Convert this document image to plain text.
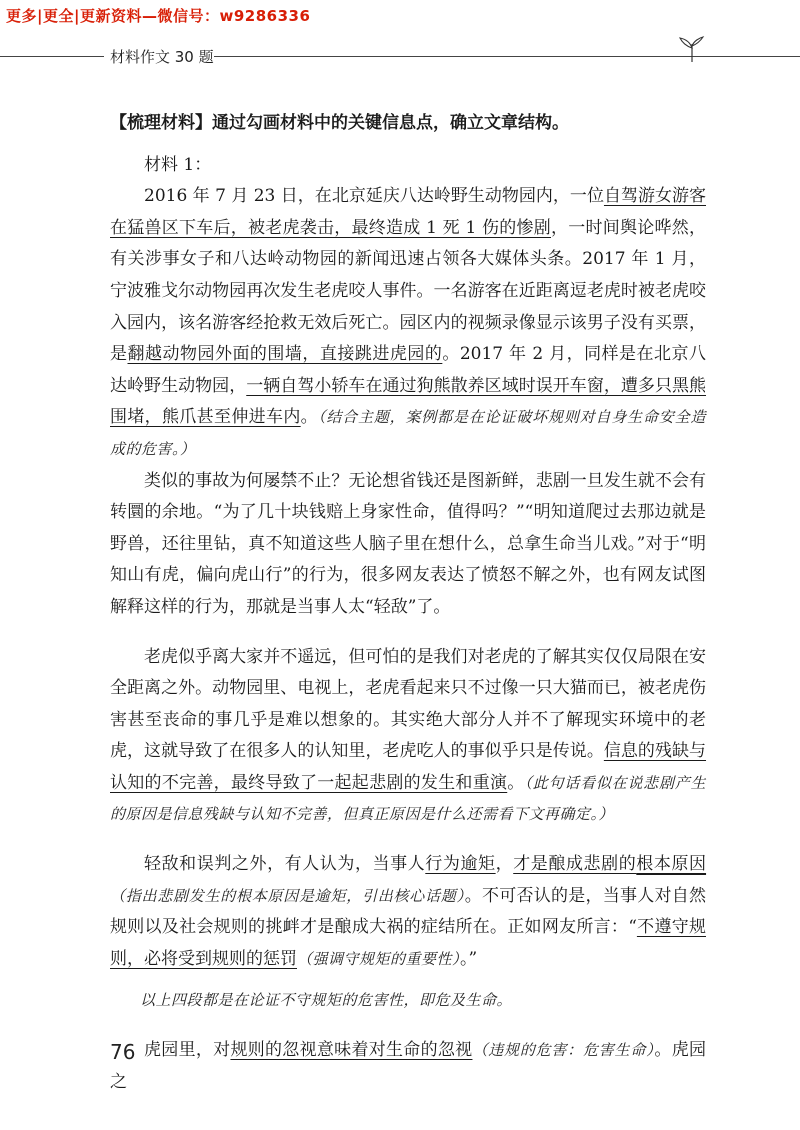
更多|更全|更新资料—微信号：w9286336
材料作文 30 题

【梳理材料】通过勾画材料中的关键信息点，确立文章结构。

材料 1：

2016 年 7 月 23 日，在北京延庆八达岭野生动物园内，一位自驾游女游客在猛兽区下车后，被老虎袭击，最终造成 1 死 1 伤的惨剧，一时间舆论哗然，有关涉事女子和八达岭动物园的新闻迅速占领各大媒体头条。2017 年 1 月，宁波雅戈尔动物园再次发生老虎咬人事件。一名游客在近距离逗老虎时被老虎咬入园内，该名游客经抢救无效后死亡。园区内的视频录像显示该男子没有买票，是翻越动物园外面的围墙，直接跳进虎园的。2017 年 2 月，同样是在北京八达岭野生动物园，一辆自驾小轿车在通过狗熊散养区域时误开车窗，遭多只黑熊围堵，熊爪甚至伸进车内。（结合主题，案例都是在论证破坏规则对自身生命安全造成的危害。）

类似的事故为何屡禁不止？无论想省钱还是图新鲜，悲剧一旦发生就不会有转圜的余地。“为了几十块钱赔上身家性命，值得吗？”“明知道爬过去那边就是野兽，还往里钻，真不知道这些人脑子里在想什么，总拿生命当儿戏。”对于“明知山有虎，偏向虎山行”的行为，很多网友表达了愤怒不解之外，也有网友试图解释这样的行为，那就是当事人太“轻敌”了。

老虎似乎离大家并不遥远，但可怕的是我们对老虎的了解其实仅仅局限在安全距离之外。动物园里、电视上，老虎看起来只不过像一只大猫而已，被老虎伤害甚至丧命的事几乎是难以想象的。其实绝大部分人并不了解现实环境中的老虎，这就导致了在很多人的认知里，老虎吃人的事似乎只是传说。信息的残缺与认知的不完善，最终导致了一起起悲剧的发生和重演。（此句话看似在说悲剧产生的原因是信息残缺与认知不完善，但真正原因是什么还需看下文再确定。）

轻敌和误判之外，有人认为，当事人行为逾矩，才是酿成悲剧的根本原因（指出悲剧发生的根本原因是逾矩，引出核心话题）。不可否认的是，当事人对自然规则以及社会规则的挑衅才是酿成大祸的症结所在。正如网友所言：“不遵守规则，必将受到规则的惩罚（强调守规矩的重要性）。”

以上四段都是在论证不守规矩的危害性，即危及生命。

虎园里，对规则的忽视意味着对生命的忽视（违规的危害：危害生命）。虎园之

76
